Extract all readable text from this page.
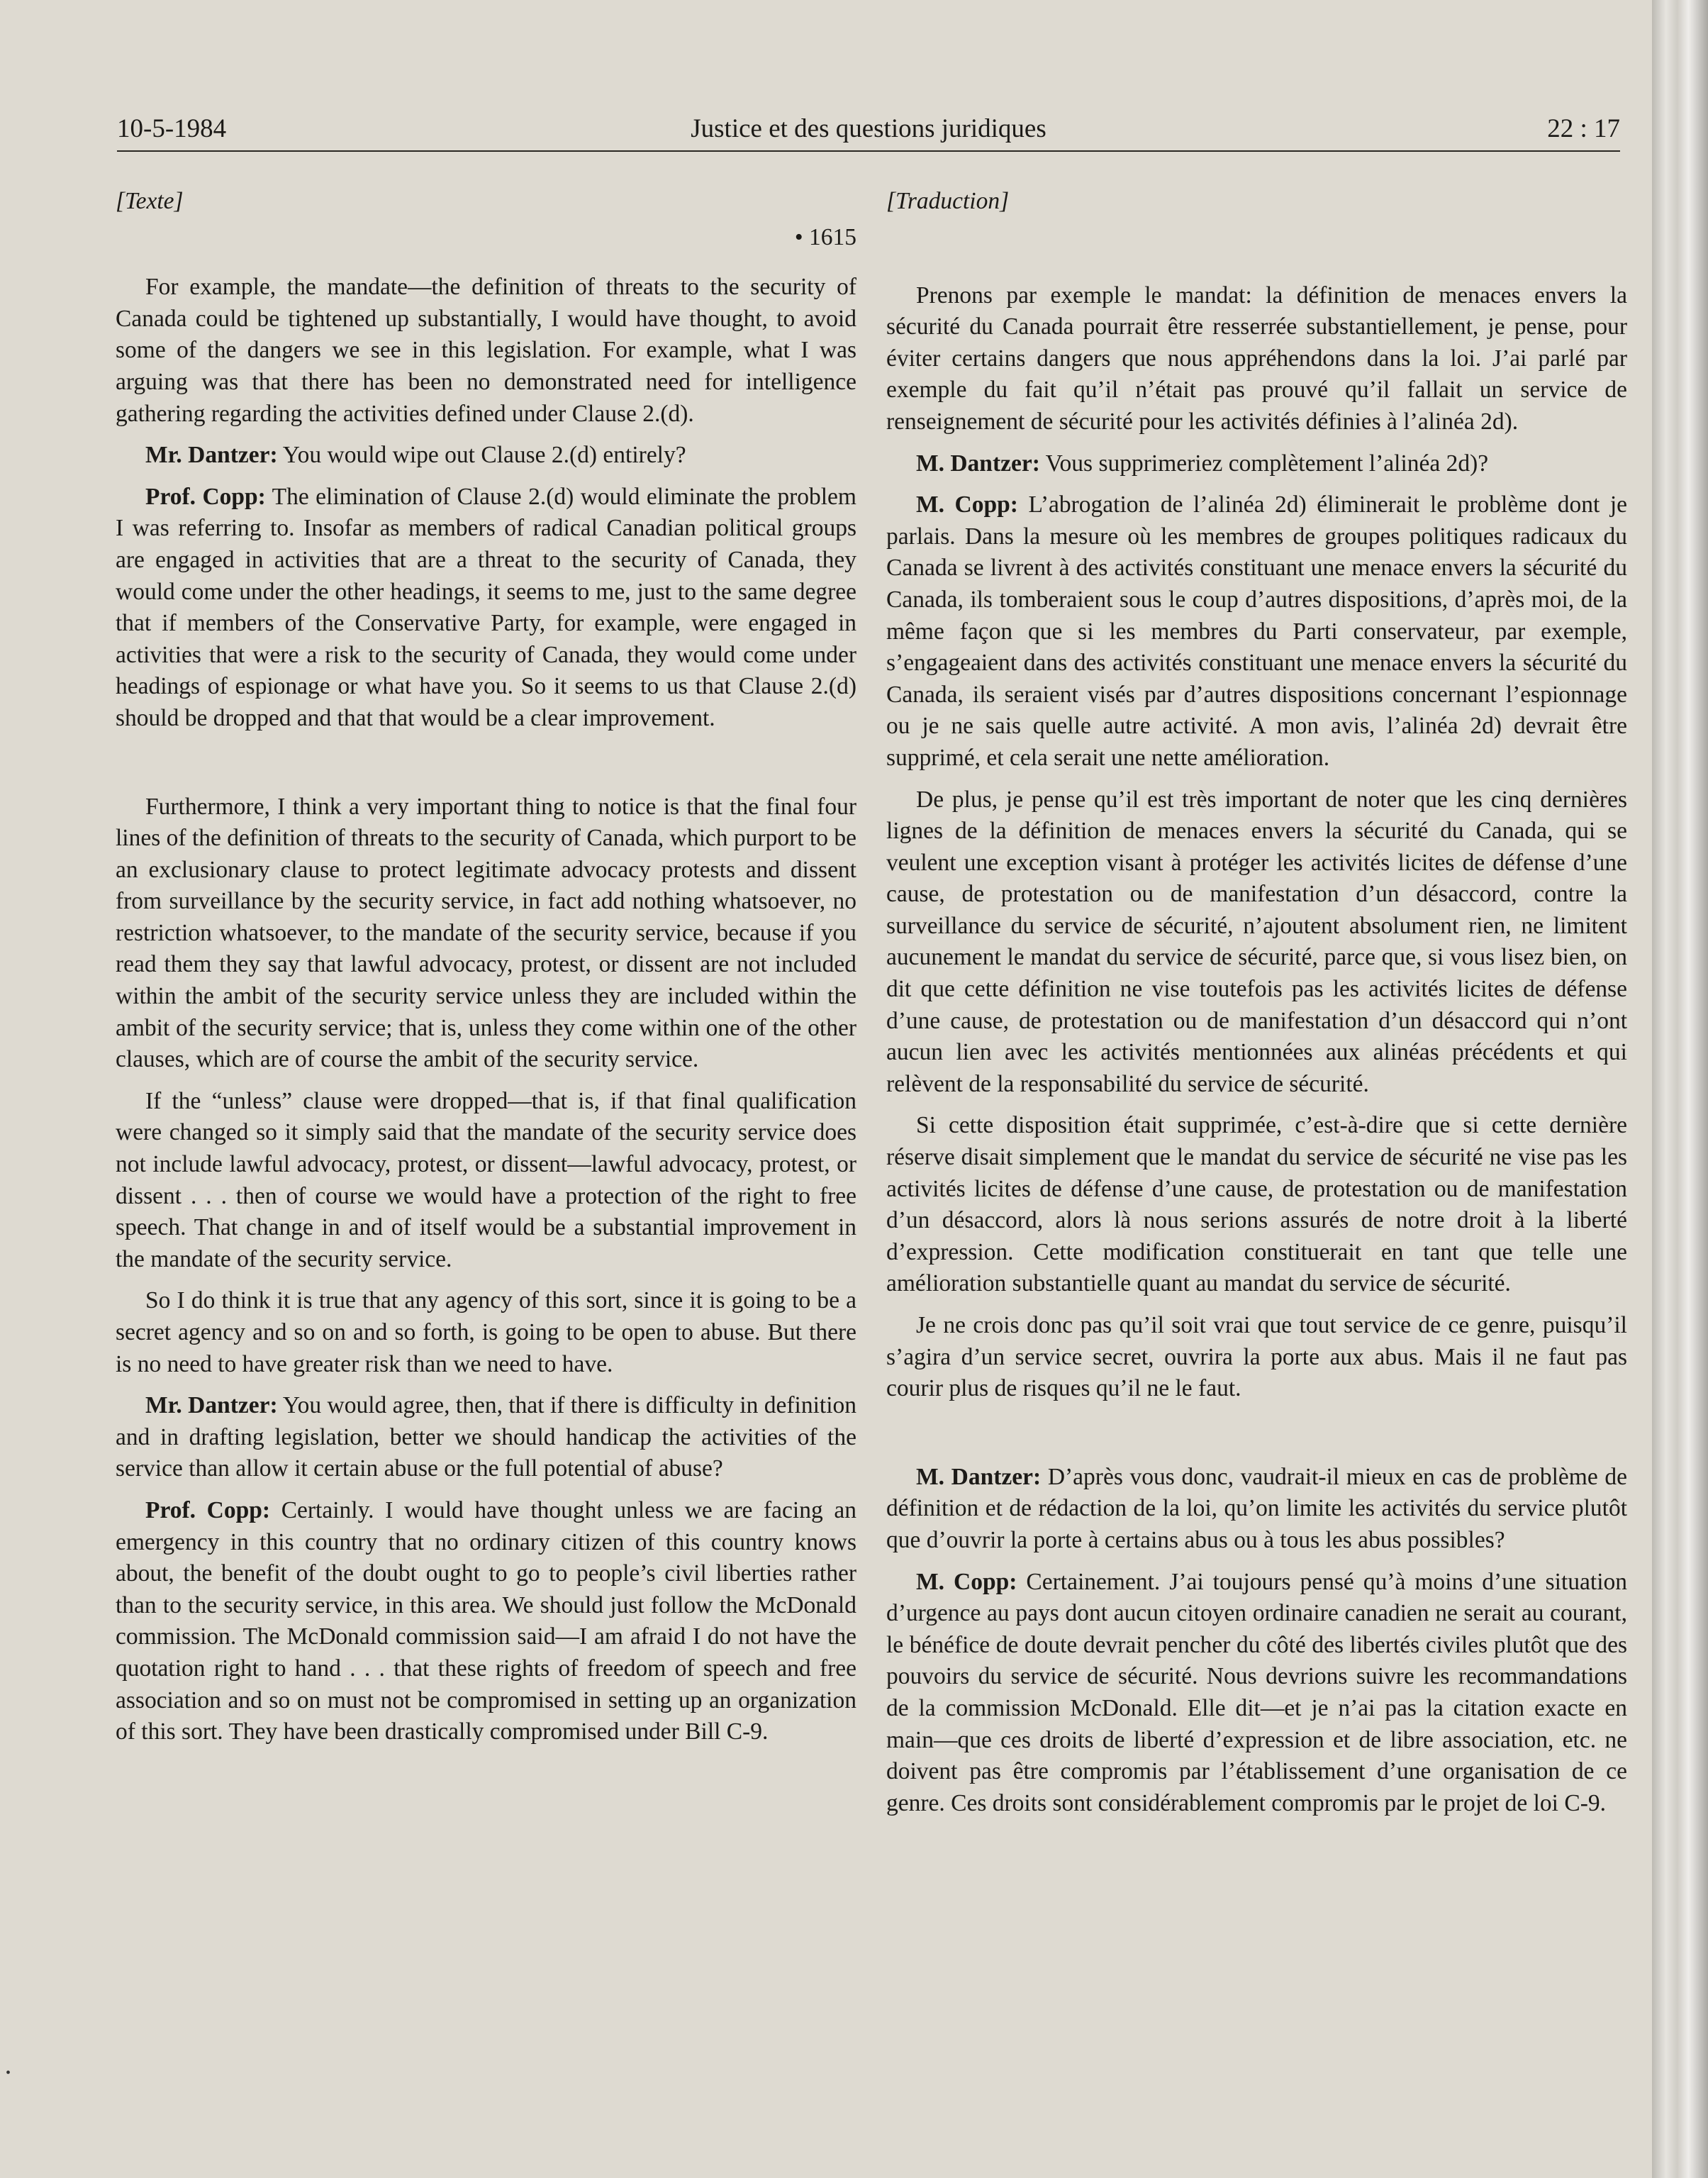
10-5-1984	Justice et des questions juridiques	22 : 17
[Texte]
• 1615

For example, the mandate—the definition of threats to the security of Canada could be tightened up substantially, I would have thought, to avoid some of the dangers we see in this legislation. For example, what I was arguing was that there has been no demonstrated need for intelligence gathering regarding the activities defined under Clause 2.(d).

Mr. Dantzer: You would wipe out Clause 2.(d) entirely?

Prof. Copp: The elimination of Clause 2.(d) would eliminate the problem I was referring to. Insofar as members of radical Canadian political groups are engaged in activities that are a threat to the security of Canada, they would come under the other headings, it seems to me, just to the same degree that if members of the Conservative Party, for example, were engaged in activities that were a risk to the security of Canada, they would come under headings of espionage or what have you. So it seems to us that Clause 2.(d) should be dropped and that that would be a clear improvement.

Furthermore, I think a very important thing to notice is that the final four lines of the definition of threats to the security of Canada, which purport to be an exclusionary clause to protect legitimate advocacy protests and dissent from surveillance by the security service, in fact add nothing whatsoever, no restriction whatsoever, to the mandate of the security service, because if you read them they say that lawful advocacy, protest, or dissent are not included within the ambit of the security service unless they are included within the ambit of the security service; that is, unless they come within one of the other clauses, which are of course the ambit of the security service.

If the “unless” clause were dropped—that is, if that final qualification were changed so it simply said that the mandate of the security service does not include lawful advocacy, protest, or dissent—lawful advocacy, protest, or dissent . . . then of course we would have a protection of the right to free speech. That change in and of itself would be a substantial improvement in the mandate of the security service.

So I do think it is true that any agency of this sort, since it is going to be a secret agency and so on and so forth, is going to be open to abuse. But there is no need to have greater risk than we need to have.

Mr. Dantzer: You would agree, then, that if there is difficulty in definition and in drafting legislation, better we should handicap the activities of the service than allow it certain abuse or the full potential of abuse?

Prof. Copp: Certainly. I would have thought unless we are facing an emergency in this country that no ordinary citizen of this country knows about, the benefit of the doubt ought to go to people’s civil liberties rather than to the security service, in this area. We should just follow the McDonald commission. The McDonald commission said—I am afraid I do not have the quotation right to hand . . . that these rights of freedom of speech and free association and so on must not be compromised in setting up an organization of this sort. They have been drastically compromised under Bill C-9.

[Traduction]

Prenons par exemple le mandat: la définition de menaces envers la sécurité du Canada pourrait être resserrée substantiellement, je pense, pour éviter certains dangers que nous appréhendons dans la loi. J’ai parlé par exemple du fait qu’il n’était pas prouvé qu’il fallait un service de renseignement de sécurité pour les activités définies à l’alinéa 2d).

M. Dantzer: Vous supprimeriez complètement l’alinéa 2d)?

M. Copp: L’abrogation de l’alinéa 2d) éliminerait le problème dont je parlais. Dans la mesure où les membres de groupes politiques radicaux du Canada se livrent à des activités constituant une menace envers la sécurité du Canada, ils tomberaient sous le coup d’autres dispositions, d’après moi, de la même façon que si les membres du Parti conservateur, par exemple, s’engageaient dans des activités constituant une menace envers la sécurité du Canada, ils seraient visés par d’autres dispositions concernant l’espionnage ou je ne sais quelle autre activité. A mon avis, l’alinéa 2d) devrait être supprimé, et cela serait une nette amélioration.

De plus, je pense qu’il est très important de noter que les cinq dernières lignes de la définition de menaces envers la sécurité du Canada, qui se veulent une exception visant à protéger les activités licites de défense d’une cause, de protestation ou de manifestation d’un désaccord, contre la surveillance du service de sécurité, n’ajoutent absolument rien, ne limitent aucunement le mandat du service de sécurité, parce que, si vous lisez bien, on dit que cette définition ne vise toutefois pas les activités licites de défense d’une cause, de protestation ou de manifestation d’un désaccord qui n’ont aucun lien avec les activités mentionnées aux alinéas précédents et qui relèvent de la responsabilité du service de sécurité.

Si cette disposition était supprimée, c’est-à-dire que si cette dernière réserve disait simplement que le mandat du service de sécurité ne vise pas les activités licites de défense d’une cause, de protestation ou de manifestation d’un désaccord, alors là nous serions assurés de notre droit à la liberté d’expression. Cette modification constituerait en tant que telle une amélioration substantielle quant au mandat du service de sécurité.

Je ne crois donc pas qu’il soit vrai que tout service de ce genre, puisqu’il s’agira d’un service secret, ouvrira la porte aux abus. Mais il ne faut pas courir plus de risques qu’il ne le faut.

M. Dantzer: D’après vous donc, vaudrait-il mieux en cas de problème de définition et de rédaction de la loi, qu’on limite les activités du service plutôt que d’ouvrir la porte à certains abus ou à tous les abus possibles?

M. Copp: Certainement. J’ai toujours pensé qu’à moins d’une situation d’urgence au pays dont aucun citoyen ordinaire canadien ne serait au courant, le bénéfice de doute devrait pencher du côté des libertés civiles plutôt que des pouvoirs du service de sécurité. Nous devrions suivre les recommandations de la commission McDonald. Elle dit—et je n’ai pas la citation exacte en main—que ces droits de liberté d’expression et de libre association, etc. ne doivent pas être compromis par l’établissement d’une organisation de ce genre. Ces droits sont considérablement compromis par le projet de loi C-9.

•
